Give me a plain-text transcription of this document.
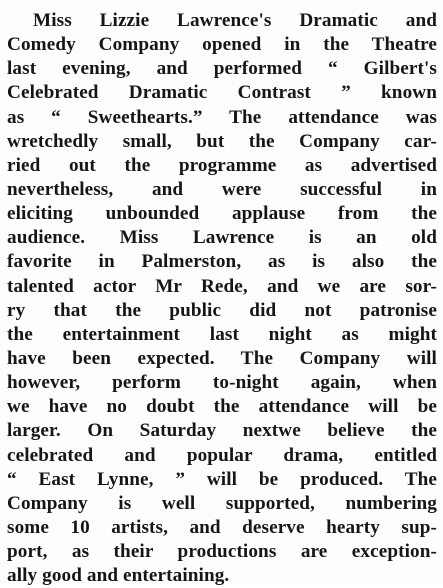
Miss Lizzie Lawrence's Dramatic and
Comedy Company opened in the Theatre
last evening, and performed “ Gilbert's
Celebrated Dramatic Contrast ” known
as “ Sweethearts.” The attendance was
wretchedly small, but the Company car-
ried out the programme as advertised
nevertheless, and were successful in
eliciting unbounded applause from the
audience. Miss Lawrence is an old
favorite in Palmerston, as is also the
talented actor Mr Rede, and we are sor-
ry that the public did not patronise
the entertainment last night as might
have been expected. The Company will
however, perform to-night again, when
we have no doubt the attendance will be
larger. On Saturday nextwe believe the
celebrated and popular drama, entitled
“ East Lynne, ” will be produced. The
Company is well supported, numbering
some 10 artists, and deserve hearty sup-
port, as their productions are exception-
ally good and entertaining.
